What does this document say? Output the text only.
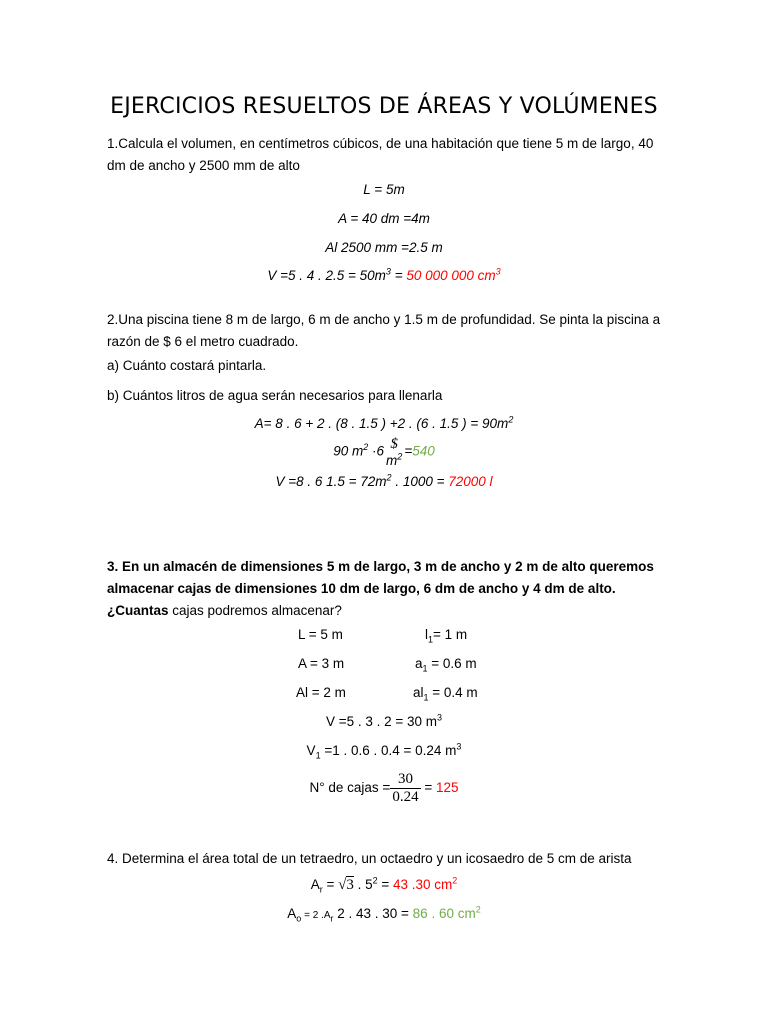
EJERCICIOS RESUELTOS DE ÁREAS Y VOLÚMENES
1.Calcula el volumen, en centímetros cúbicos, de una habitación que tiene 5 m de largo, 40 dm de ancho y 2500 mm de alto
L = 5m
A = 40 dm =4m
Al 2500 mm =2.5 m
V =5 . 4 . $2.5 = 50m^3 = 50$ 000 000 $cm^3$
2.Una piscina tiene 8 m de largo, 6 m de ancho y 1.5 m de profundidad. Se pinta la piscina a razón de $ 6 el metro cuadrado.
a) Cuánto costará pintarla.
b) Cuántos litros de agua serán necesarios para llenarla
A= 8 . 6 + 2 . (8 . 1.5 ) +2 . (6 . 1.5 ) = $90m^2$
90 $m^2 \cdot 6$ $
$m^2 =540$
V =8 . 6 $1.5 = 72m^2$ . 1000 = 72000 l
3. En un almacén de dimensiones 5 m de largo, 3 m de ancho y 2 m de alto queremos almacenar cajas de dimensiones 10 dm de largo, 6 dm de ancho y 4 dm de alto. ¿Cuantas cajas podremos almacenar?
L = 5 m
A = 3 m
Al = 2 m
$l_1= 1$ m
$a_1 = 0.6$ m
$al_1 = 0.4$ m
V =5 . 3 . 2 = 30 $m^3$
$V_1 =1$ . 0.6 . 0.4 = 0.24 $m^3$
N° de cajas = $\frac{30}{0.24} = 125$
4. Determina el área total de un tetraedro, un octaedro y un icosaedro de 5 cm de arista
$A_r = √3$ . $5^2 = 43$ .30 $cm^2$
$A_o = 2$ $.A_r$ 2 . 43 . 30 = 86 . 60 $cm^2$
